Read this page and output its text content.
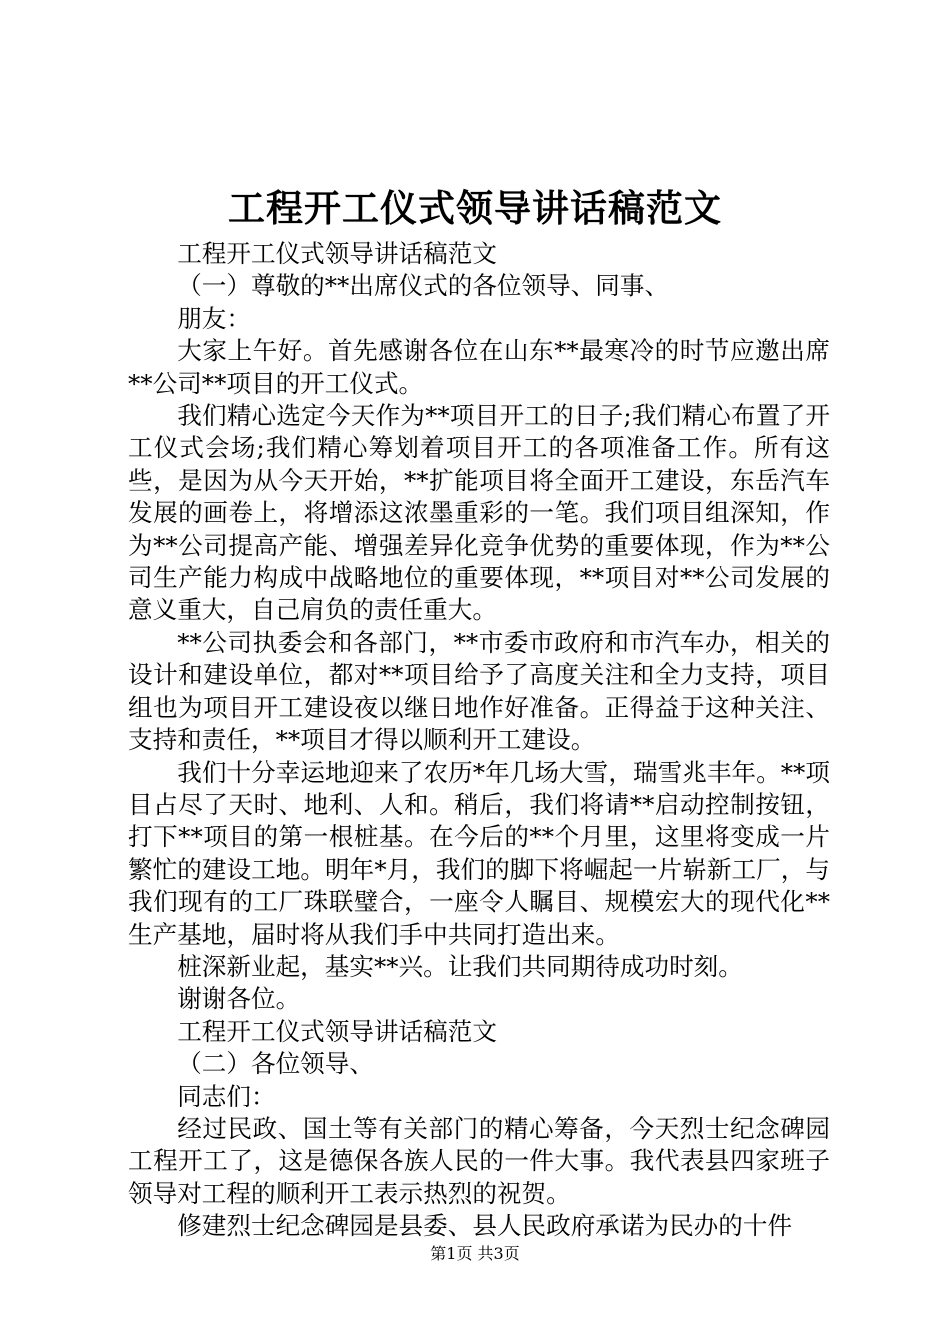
工程开工仪式领导讲话稿范文

工程开工仪式领导讲话稿范文

（一）尊敬的**出席仪式的各位领导、同事、

朋友：

大家上午好。首先感谢各位在山东**最寒冷的时节应邀出席**公司**项目的开工仪式。

我们精心选定今天作为**项目开工的日子;我们精心布置了开工仪式会场;我们精心筹划着项目开工的各项准备工作。所有这些，是因为从今天开始，**扩能项目将全面开工建设，东岳汽车发展的画卷上，将增添这浓墨重彩的一笔。我们项目组深知，作为**公司提高产能、增强差异化竞争优势的重要体现，作为**公司生产能力构成中战略地位的重要体现，**项目对**公司发展的意义重大，自己肩负的责任重大。

**公司执委会和各部门，**市委市政府和市汽车办，相关的设计和建设单位，都对**项目给予了高度关注和全力支持，项目组也为项目开工建设夜以继日地作好准备。正得益于这种关注、支持和责任，**项目才得以顺利开工建设。

我们十分幸运地迎来了农历*年几场大雪，瑞雪兆丰年。**项目占尽了天时、地利、人和。稍后，我们将请**启动控制按钮，打下**项目的第一根桩基。在今后的**个月里，这里将变成一片繁忙的建设工地。明年*月，我们的脚下将崛起一片崭新工厂，与我们现有的工厂珠联璧合，一座令人瞩目、规模宏大的现代化**生产基地，届时将从我们手中共同打造出来。

桩深新业起，基实**兴。让我们共同期待成功时刻。

谢谢各位。

工程开工仪式领导讲话稿范文

（二）各位领导、

同志们：

经过民政、国土等有关部门的精心筹备，今天烈士纪念碑园工程开工了，这是德保各族人民的一件大事。我代表县四家班子领导对工程的顺利开工表示热烈的祝贺。

修建烈士纪念碑园是县委、县人民政府承诺为民办的十件

第1页 共3页
